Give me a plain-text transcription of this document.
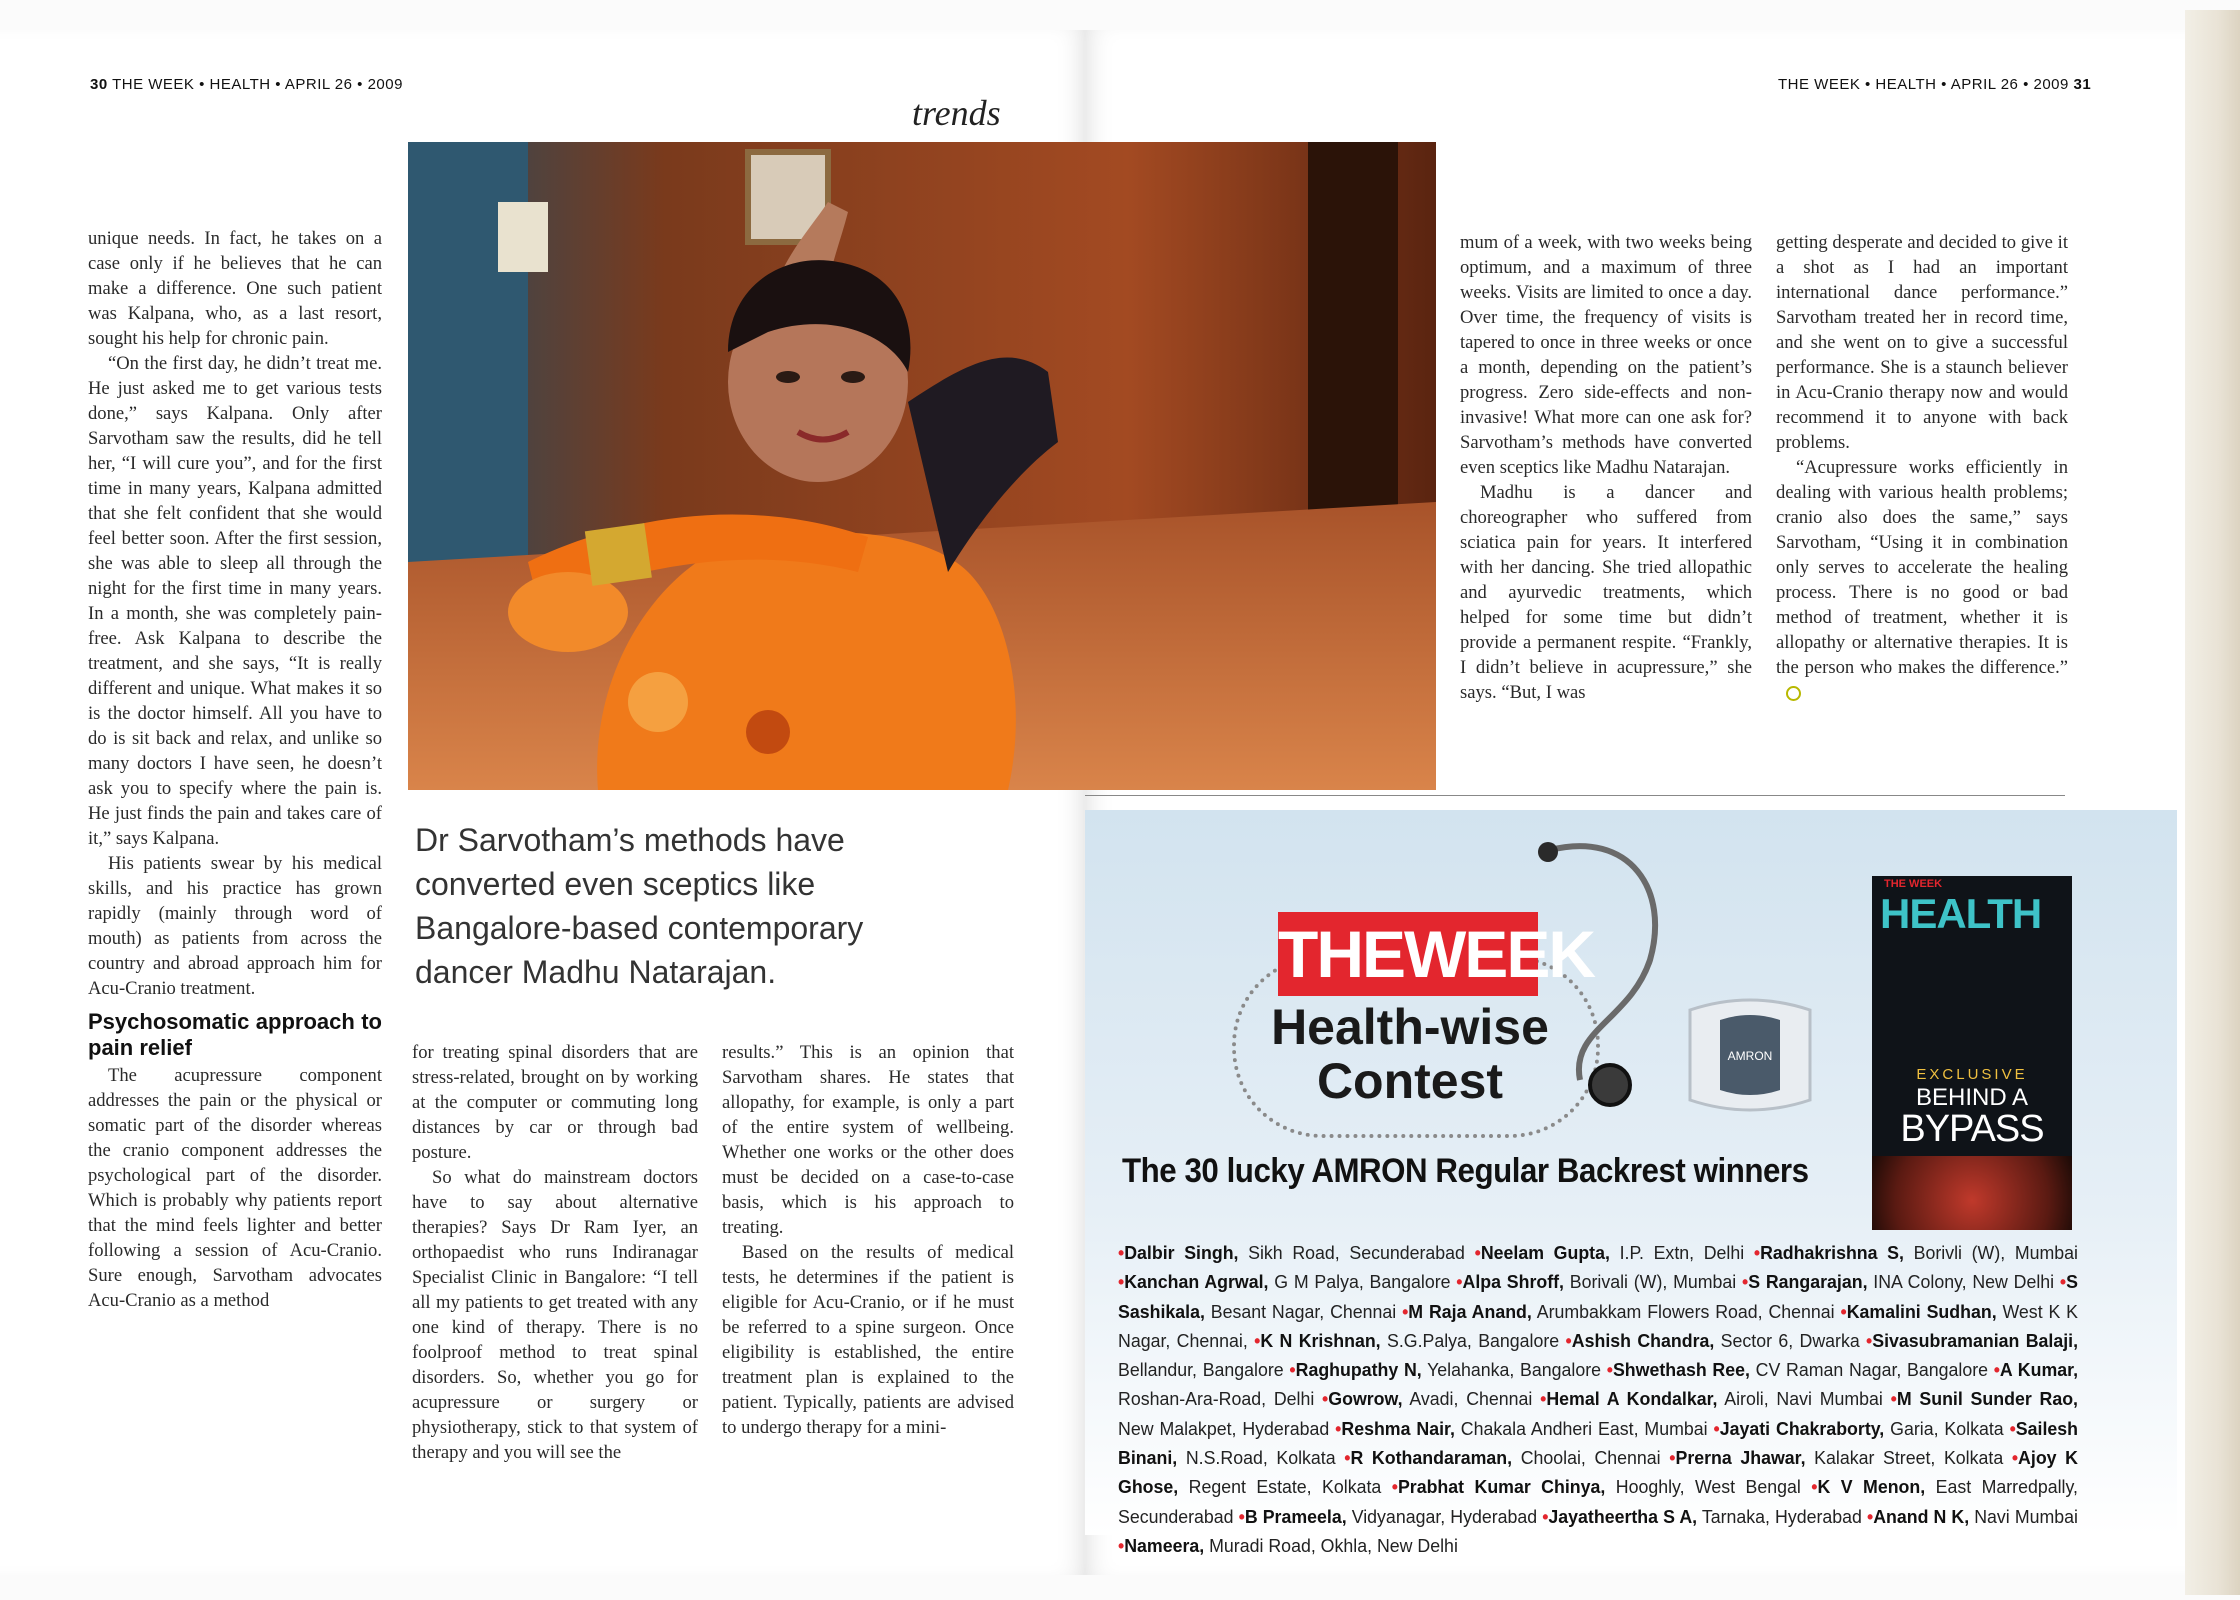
30 THE WEEK • HEALTH • APRIL 26 • 2009	THE WEEK • HEALTH • APRIL 26 • 2009 31
trends
Dr Sarvotham’s methods have converted even sceptics like Bangalore-based contemporary dancer Madhu Natarajan.

unique needs. In fact, he takes on a case only if he believes that he can make a difference. One such patient was Kalpana, who, as a last resort, sought his help for chronic pain.

“On the first day, he didn’t treat me. He just asked me to get various tests done,” says Kalpana. Only after Sarvotham saw the results, did he tell her, “I will cure you”, and for the first time in many years, Kalpana admitted that she felt confident that she would feel better soon. After the first session, she was able to sleep all through the night for the first time in many years. In a month, she was completely pain-free. Ask Kalpana to describe the treatment, and she says, “It is really different and unique. What makes it so is the doctor himself. All you have to do is sit back and relax, and unlike so many doctors I have seen, he doesn’t ask you to specify where the pain is. He just finds the pain and takes care of it,” says Kalpana.

His patients swear by his medical skills, and his practice has grown rapidly (mainly through word of mouth) as patients from across the country and abroad approach him for Acu-Cranio treatment.

Psychosomatic approach to pain relief

The acupressure component addresses the pain or the physical or somatic part of the disorder whereas the cranio component addresses the psychological part of the disorder. Which is probably why patients report that the mind feels lighter and better following a session of Acu-Cranio. Sure enough, Sarvotham advocates Acu-Cranio as a method

for treating spinal disorders that are stress-related, brought on by working at the computer or commuting long distances by car or through bad posture.

So what do mainstream doctors have to say about alternative therapies? Says Dr Ram Iyer, an orthopaedist who runs Indiranagar Specialist Clinic in Bangalore: “I tell all my patients to get treated with any one kind of therapy. There is no foolproof method to treat spinal disorders. So, whether you go for acupressure or surgery or physiotherapy, stick to that system of therapy and you will see the

results.” This is an opinion that Sarvotham shares. He states that allopathy, for example, is only a part of the entire system of wellbeing. Whether one works or the other does must be decided on a case-to-case basis, which is his approach to treating.

Based on the results of medical tests, he determines if the patient is eligible for Acu-Cranio, or if he must be referred to a spine surgeon. Once eligibility is established, the entire treatment plan is explained to the patient. Typically, patients are advised to undergo therapy for a mini-

mum of a week, with two weeks being optimum, and a maximum of three weeks. Visits are limited to once a day. Over time, the frequency of visits is tapered to once in three weeks or once a month, depending on the patient’s progress. Zero side-effects and non-invasive! What more can one ask for? Sarvotham’s methods have converted even sceptics like Madhu Natarajan.

Madhu is a dancer and choreographer who suffered from sciatica pain for years. It interfered with her dancing. She tried allopathic and ayurvedic treatments, which helped for some time but didn’t provide a permanent respite. “Frankly, I didn’t believe in acupressure,” she says. “But, I was

getting desperate and decided to give it a shot as I had an important international dance performance.” Sarvotham treated her in record time, and she went on to give a successful performance. She is a staunch believer in Acu-Cranio therapy now and would recommend it to anyone with back problems.

“Acupressure works efficiently in dealing with various health problems; cranio also does the same,” says Sarvotham, “Using it in combination only serves to accelerate the healing process. There is no good or bad method of treatment, whether it is allopathy or alternative therapies. It is the person who makes the difference.”

THEWEEK
Health-wise
Contest	AMRON
THE WEEK
HEALTH
EXCLUSIVE
BEHIND A
BYPASS
The 30 lucky AMRON Regular Backrest winners
•Dalbir Singh, Sikh Road, Secunderabad •Neelam Gupta, I.P. Extn, Delhi •Radhakrishna S, Borivli (W), Mumbai •Kanchan Agrwal, G M Palya, Bangalore •Alpa Shroff, Borivali (W), Mumbai •S Rangarajan, INA Colony, New Delhi •S Sashikala, Besant Nagar, Chennai •M Raja Anand, Arumbakkam Flowers Road, Chennai •Kamalini Sudhan, West K K Nagar, Chennai, •K N Krishnan, S.G.Palya, Bangalore •Ashish Chandra, Sector 6, Dwarka •Sivasubramanian Balaji, Bellandur, Bangalore •Raghupathy N, Yelahanka, Bangalore •Shwethash Ree, CV Raman Nagar, Bangalore •A Kumar, Roshan-Ara-Road, Delhi •Gowrow, Avadi, Chennai •Hemal A Kondalkar, Airoli, Navi Mumbai •M Sunil Sunder Rao, New Malakpet, Hyderabad •Reshma Nair, Chakala Andheri East, Mumbai •Jayati Chakraborty, Garia, Kolkata •Sailesh Binani, N.S.Road, Kolkata •R Kothandaraman, Choolai, Chennai •Prerna Jhawar, Kalakar Street, Kolkata •Ajoy K Ghose, Regent Estate, Kolkata •Prabhat Kumar Chinya, Hooghly, West Bengal •K V Menon, East Marredpally, Secunderabad •B Prameela, Vidyanagar, Hyderabad •Jayatheertha S A, Tarnaka, Hyderabad •Anand N K, Navi Mumbai •Nameera, Muradi Road, Okhla, New Delhi
